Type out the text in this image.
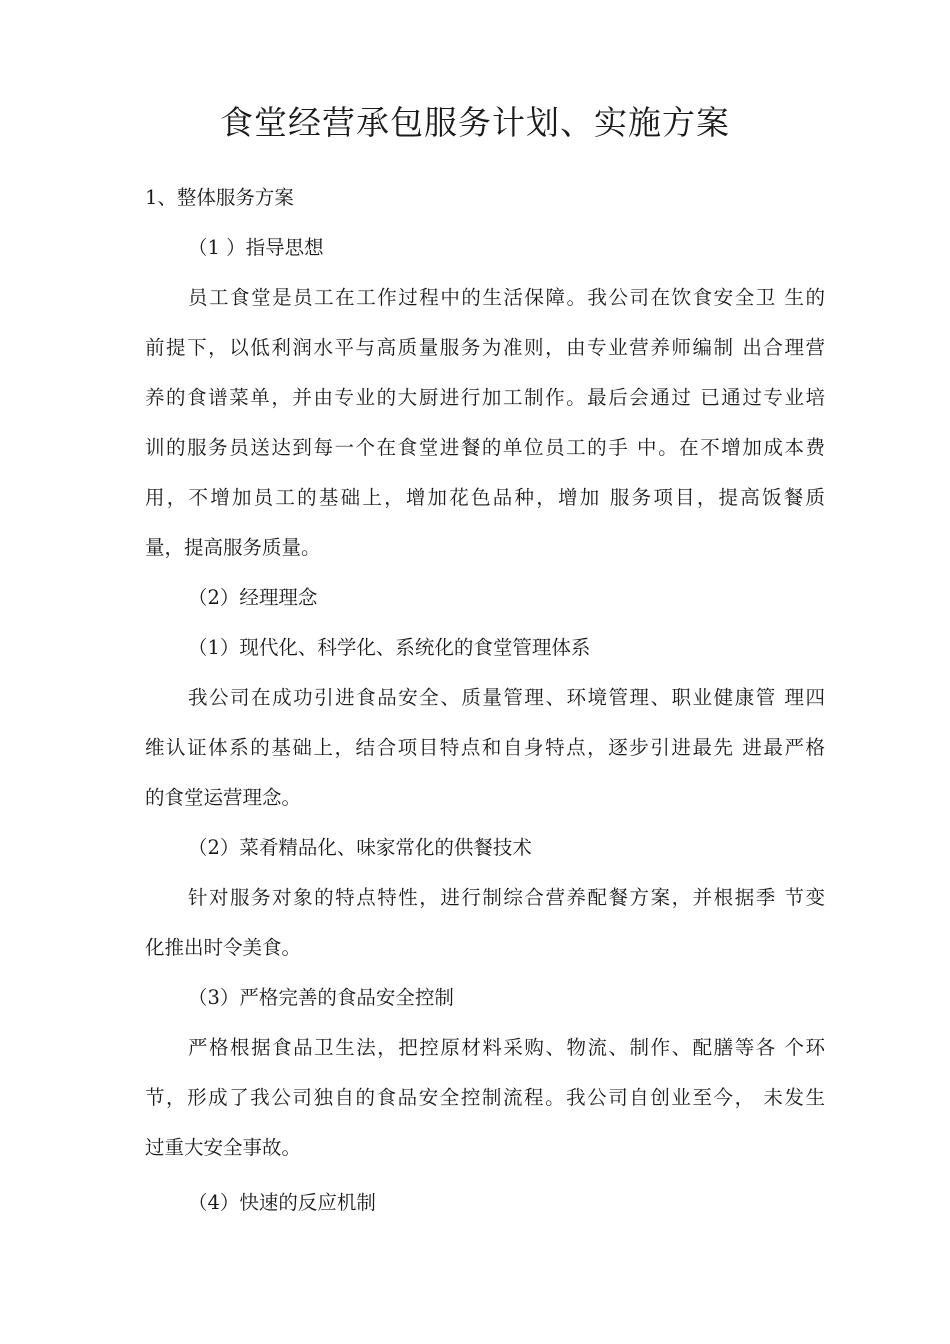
食堂经营承包服务计划、实施方案

1、整体服务方案

（1 ）指导思想

员工食堂是员工在工作过程中的生活保障。我公司在饮食安全卫 生的

前提下，以低利润水平与高质量服务为准则，由专业营养师编制 出合理营

养的食谱菜单，并由专业的大厨进行加工制作。最后会通过 已通过专业培

训的服务员送达到每一个在食堂进餐的单位员工的手 中。在不增加成本费

用，不增加员工的基础上，增加花色品种，增加 服务项目，提高饭餐质

量，提高服务质量。

（2）经理理念

（1）现代化、科学化、系统化的食堂管理体系

我公司在成功引进食品安全、质量管理、环境管理、职业健康管 理四

维认证体系的基础上，结合项目特点和自身特点，逐步引进最先 进最严格

的食堂运营理念。

（2）菜肴精品化、味家常化的供餐技术

针对服务对象的特点特性，进行制综合营养配餐方案，并根据季 节变

化推出时令美食。

（3）严格完善的食品安全控制

严格根据食品卫生法，把控原材料采购、物流、制作、配膳等各 个环

节，形成了我公司独自的食品安全控制流程。我公司自创业至今， 未发生

过重大安全事故。

（4）快速的反应机制
